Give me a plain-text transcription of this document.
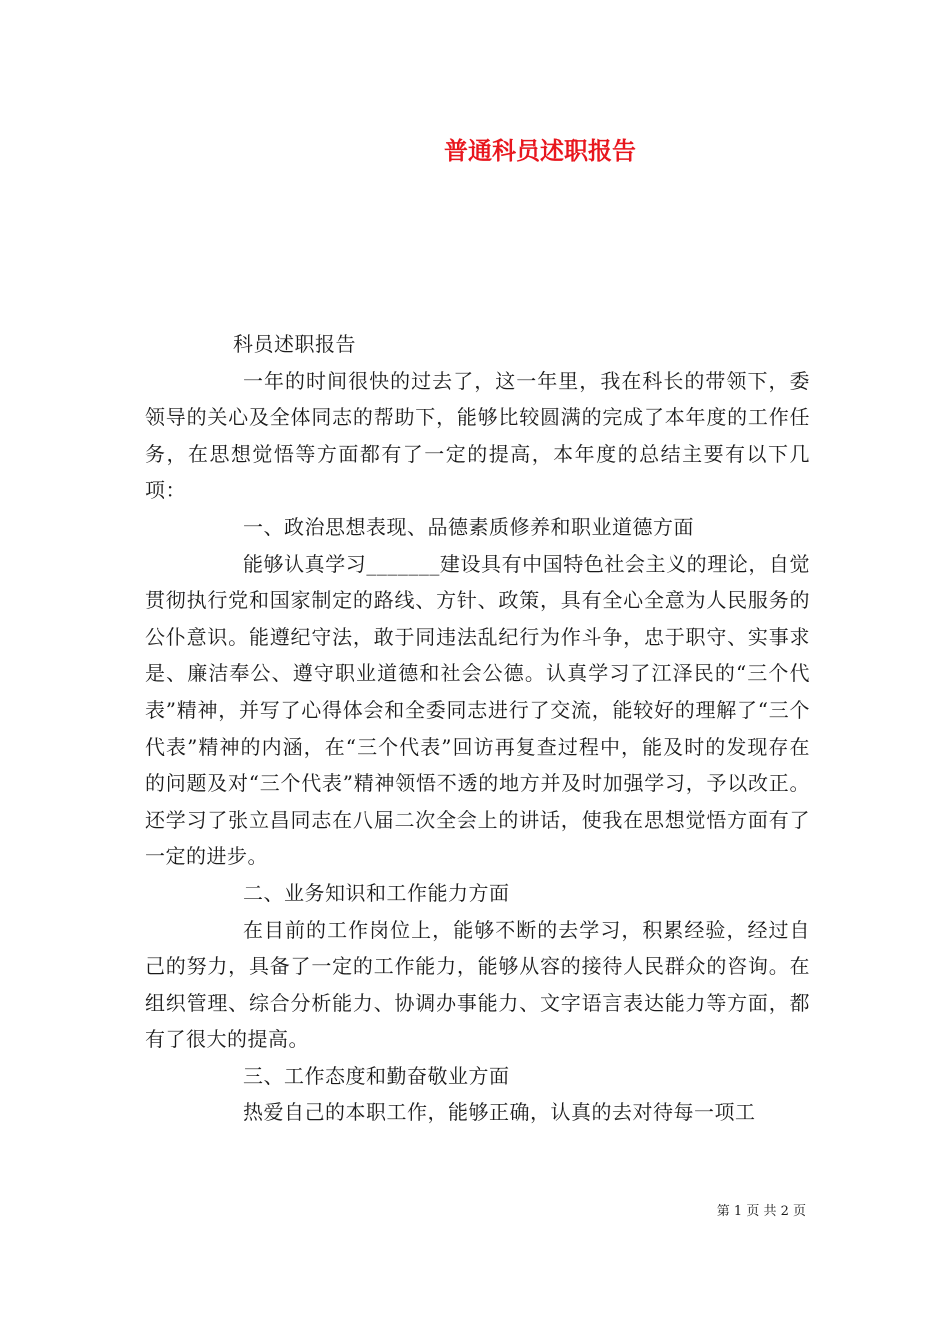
普通科员述职报告

科员述职报告

一年的时间很快的过去了，这一年里，我在科长的带领下，委领导的关心及全体同志的帮助下，能够比较圆满的完成了本年度的工作任务，在思想觉悟等方面都有了一定的提高，本年度的总结主要有以下几项：

一、政治思想表现、品德素质修养和职业道德方面

能够认真学习_______建设具有中国特色社会主义的理论，自觉贯彻执行党和国家制定的路线、方针、政策，具有全心全意为人民服务的公仆意识。能遵纪守法，敢于同违法乱纪行为作斗争，忠于职守、实事求是、廉洁奉公、遵守职业道德和社会公德。认真学习了江泽民的“三个代表”精神，并写了心得体会和全委同志进行了交流，能较好的理解了“三个代表”精神的内涵，在“三个代表”回访再复查过程中，能及时的发现存在的问题及对“三个代表”精神领悟不透的地方并及时加强学习，予以改正。还学习了张立昌同志在八届二次全会上的讲话，使我在思想觉悟方面有了一定的进步。

二、业务知识和工作能力方面

在目前的工作岗位上，能够不断的去学习，积累经验，经过自己的努力，具备了一定的工作能力，能够从容的接待人民群众的咨询。在组织管理、综合分析能力、协调办事能力、文字语言表达能力等方面，都有了很大的提高。

三、工作态度和勤奋敬业方面

热爱自己的本职工作，能够正确，认真的去对待每一项工

第 1 页 共 2 页
